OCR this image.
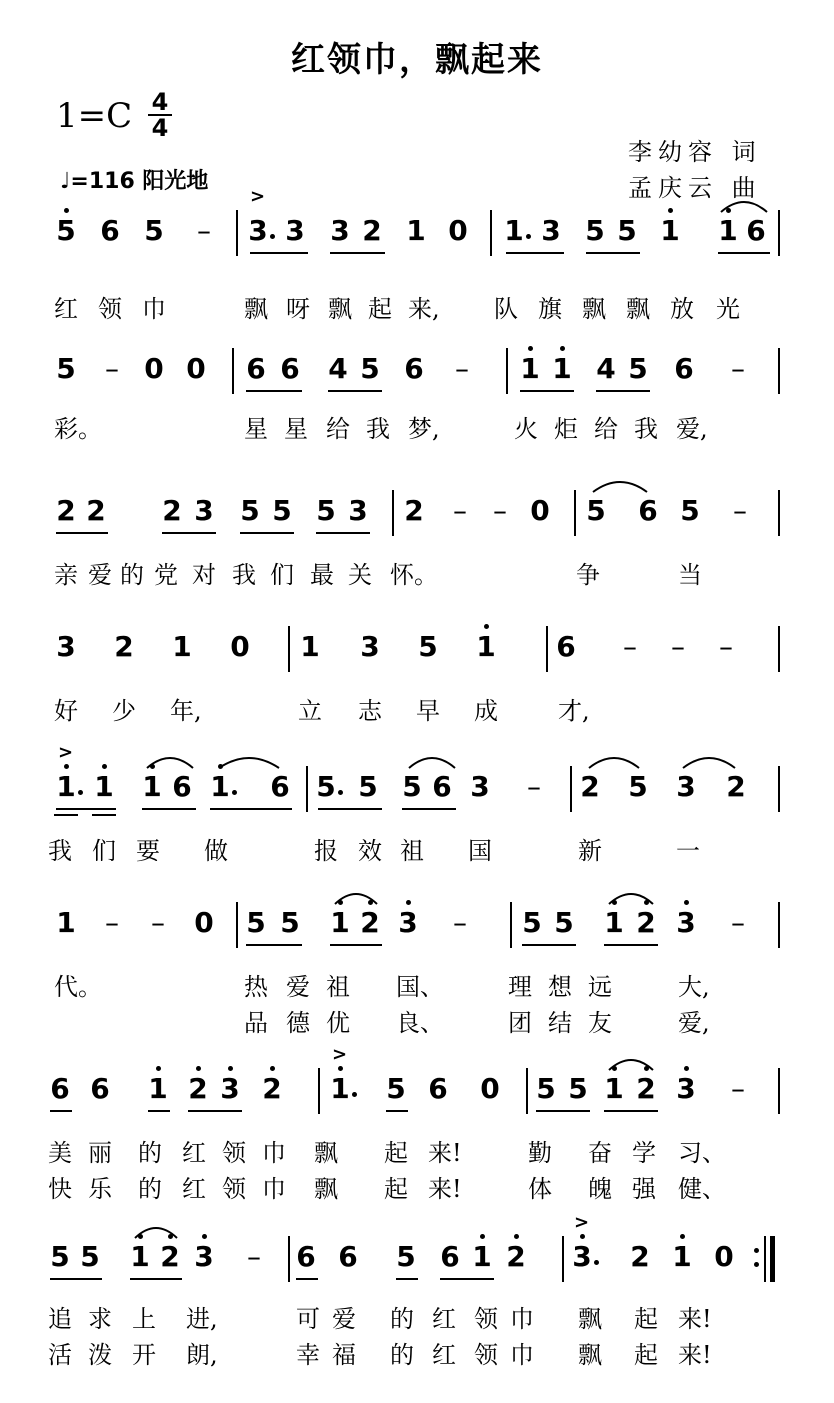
红领巾，飘起来
1=C 4
4
♩=116 阳光地
李幼容 词
孟庆云 曲
5 6 5 – 3
>
3 3 2 1 0 1 3 5 5 1 1 6
红 领 巾	飘 呀 飘 起 来,	队 旗 飘 飘 放 光
5 – 0 0 6 6 4 5 6 – 1 1 4 5 6 –
彩。	星 星 给 我 梦,	火 炬 给 我 爱,
2 2 2 3 5 5 5 3 2 – – 0 5 6 5 –
亲 爱 的 党 对 我 们 最 关 怀。	争	当
3 2 1 0 1 3 5 1 6 – – –
好 少 年,	立 志 早 成	才,
1
>
1 1 6 1 6 5 5 5 6 3 – 2 5 3 2
我 们 要 做	报 效 祖 国	新	一
1 – – 0 5 5 1 2 3 – 5 5 1 2 3 –
代。	热 爱 祖 国、	理 想 远	大,
品 德 优 良、	团 结 友	爱,
6 6 1 2 3 2 1
>
5 6 0 5 5 1 2 3 –
美 丽 的 红 领 巾 飘 起 来!	勤 奋 学 习、
快 乐 的 红 领 巾 飘 起 来!	体 魄 强 健、
5 5 1 2 3 – 6 6 5 6 1 2 3
>
2 1 0
追 求 上 进,	可 爱 的 红 领 巾 飘 起 来!
活 泼 开 朗,	幸 福 的 红 领 巾 飘 起 来!
